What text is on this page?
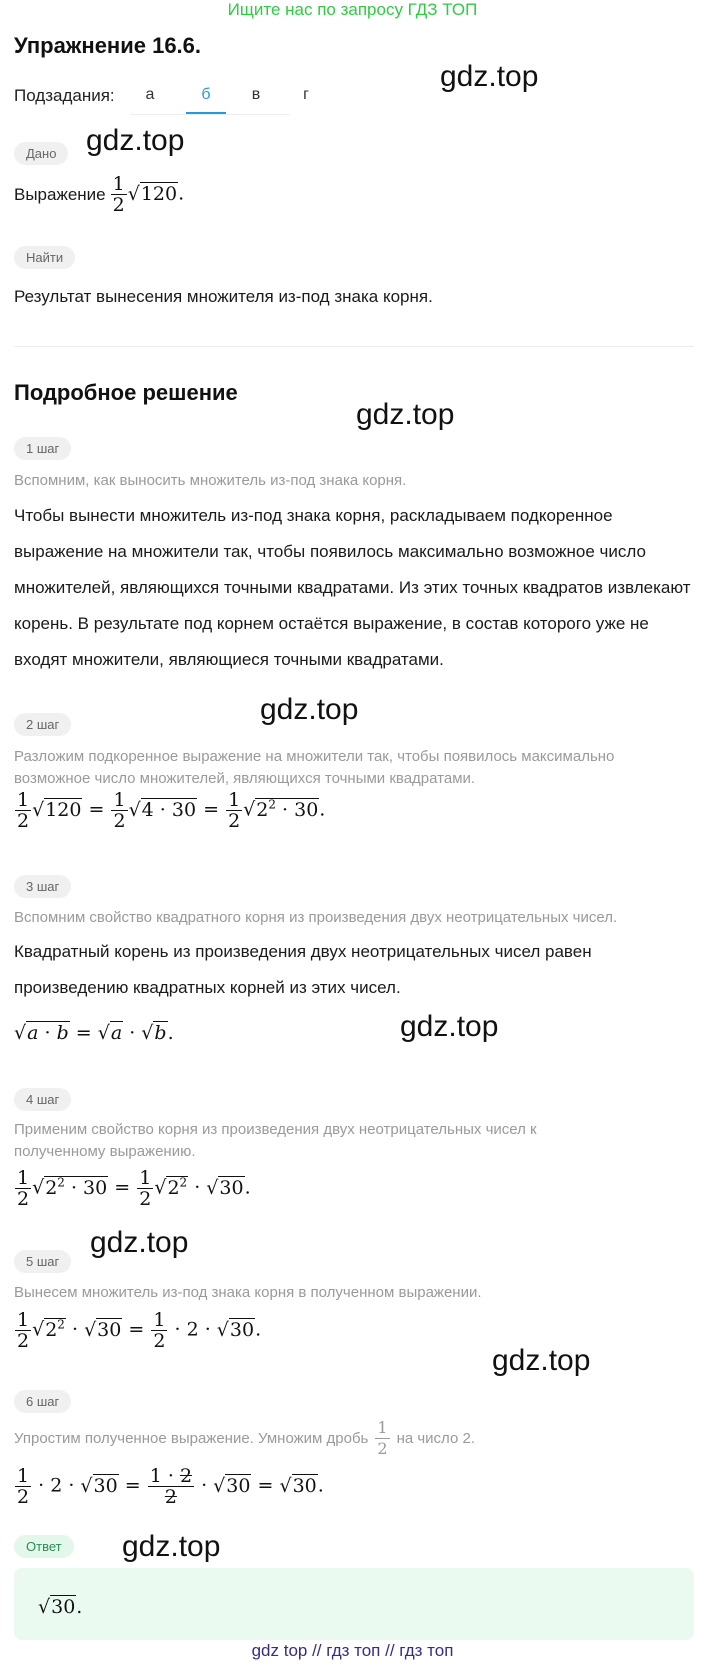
Ищите нас по запросу ГДЗ ТОП
Упражнение 16.6.
Подзадания:	а	б	в	г
gdz.top
Дано gdz.top
Выражение $\frac{1}{2} √120$.
Найти
Результат вынесения множителя из-под знака корня.
Подробное решение
gdz.top
1 шаг
Вспомним, как выносить множитель из-под знака корня.
Чтобы вынести множитель из-под знака корня, раскладываем подкоренное выражение на множители так, чтобы появилось максимально возможное число множителей, являющихся точными квадратами. Из этих точных квадратов извлекают корень. В результате под корнем остаётся выражение, в состав которого уже не входят множители, являющиеся точными квадратами.
gdz.top
2 шаг
Разложим подкоренное выражение на множители так, чтобы появилось максимально возможное число множителей, являющихся точными квадратами.
$\frac{1}{2} √120 = \frac{1}{2} √4 \cdot 30 = \frac{1}{2} √2^2 \cdot 30$.
3 шаг
Вспомним свойство квадратного корня из произведения двух неотрицательных чисел.
Квадратный корень из произведения двух неотрицательных чисел равен произведению квадратных корней из этих чисел.
√a · b = √a · √b.	gdz.top
4 шаг
Применим свойство корня из произведения двух неотрицательных чисел к полученному выражению.
$\frac{1}{2} √2^2 \cdot 30 = \frac{1}{2} √2^2 \cdot √30$.
gdz.top
5 шаг
Вынесем множитель из-под знака корня в полученном выражении.
$\frac{1}{2} √2^2 \cdot √30 = \frac{1}{2} \cdot 2 \cdot √30$.
gdz.top
6 шаг
Упростим полученное выражение. Умножим дробь $\frac{1}{2}$ на число 2.
$\frac{1}{2} \cdot 2 \cdot √30 = \frac{1 \cdot 2}{2} \cdot √30 = √30$.
Ответ	gdz.top
√30.
gdz top // гдз топ // гдз топ
